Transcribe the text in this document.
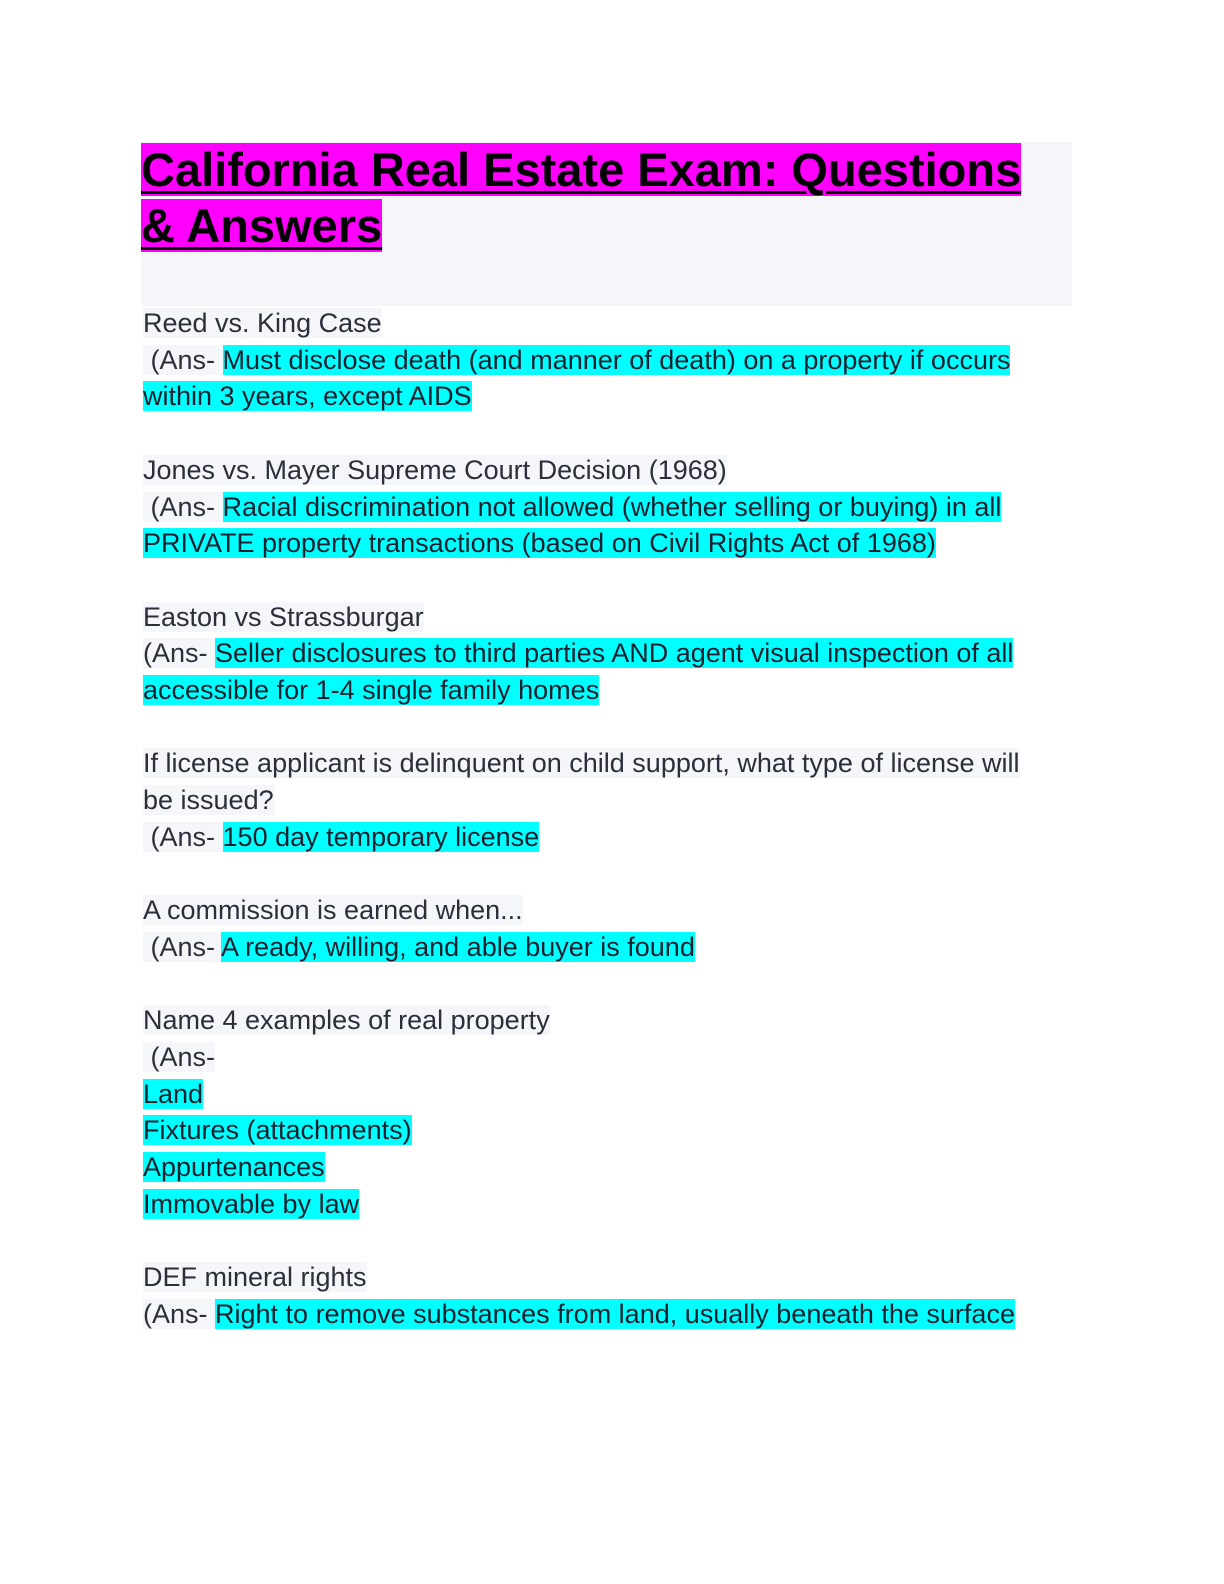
California Real Estate Exam: Questions
& Answers
Reed vs. King Case
(Ans- Must disclose death (and manner of death) on a property if occurs
within 3 years, except AIDS
Jones vs. Mayer Supreme Court Decision (1968)
(Ans- Racial discrimination not allowed (whether selling or buying) in all
PRIVATE property transactions (based on Civil Rights Act of 1968)
Easton vs Strassburgar
(Ans- Seller disclosures to third parties AND agent visual inspection of all
accessible for 1-4 single family homes
If license applicant is delinquent on child support, what type of license will
be issued?
(Ans- 150 day temporary license
A commission is earned when...
(Ans- A ready, willing, and able buyer is found
Name 4 examples of real property
(Ans-
Land
Fixtures (attachments)
Appurtenances
Immovable by law
DEF mineral rights
(Ans- Right to remove substances from land, usually beneath the surface
